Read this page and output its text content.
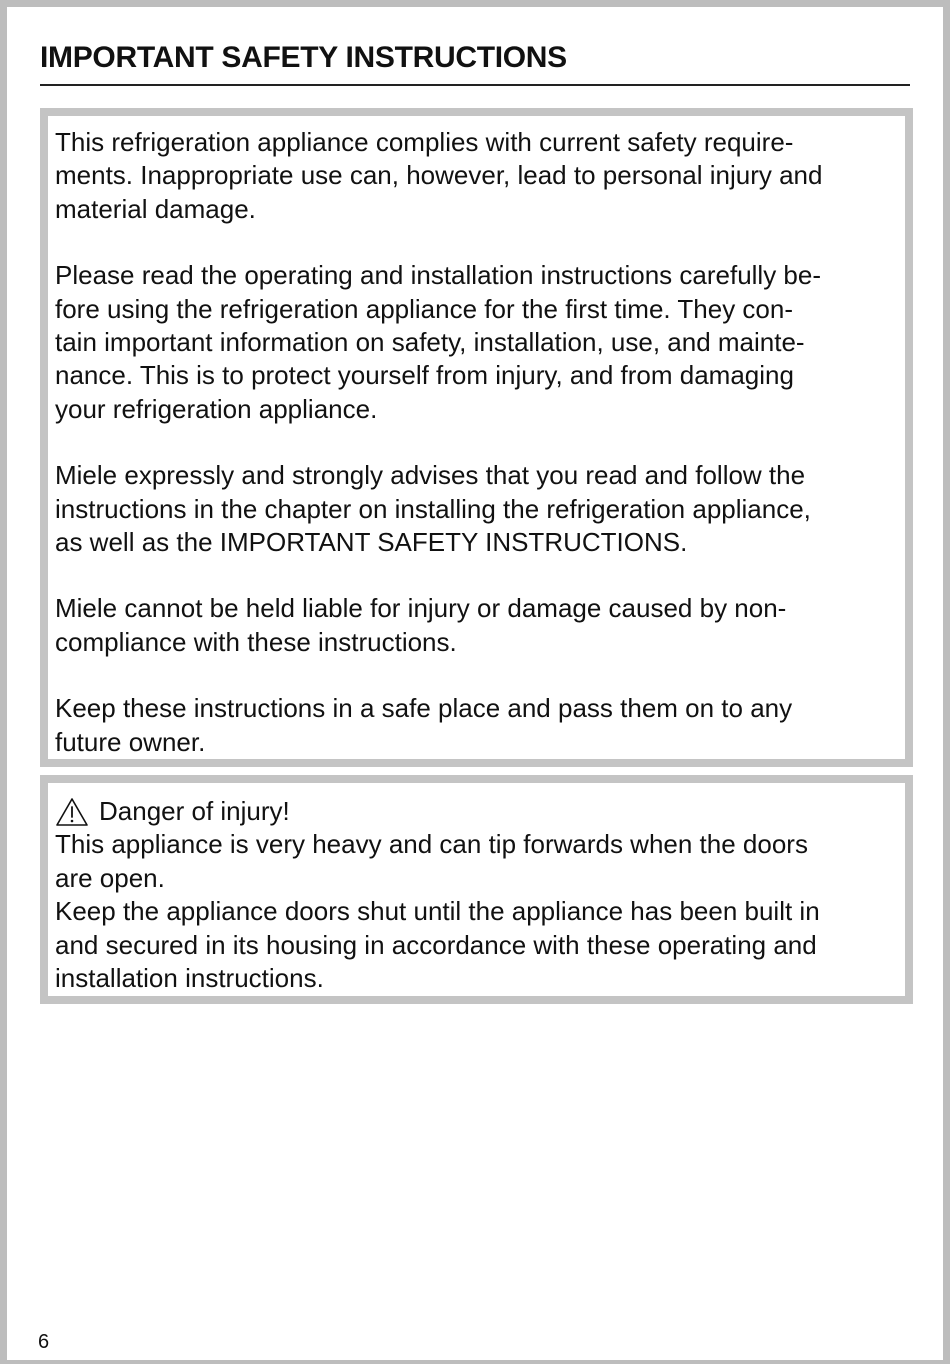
IMPORTANT SAFETY INSTRUCTIONS

This refrigeration appliance complies with current safety require-
ments. Inappropriate use can, however, lead to personal injury and
material damage.

Please read the operating and installation instructions carefully be-
fore using the refrigeration appliance for the first time. They con-
tain important information on safety, installation, use, and mainte-
nance. This is to protect yourself from injury, and from damaging
your refrigeration appliance.

Miele expressly and strongly advises that you read and follow the
instructions in the chapter on installing the refrigeration appliance,
as well as the IMPORTANT SAFETY INSTRUCTIONS.

Miele cannot be held liable for injury or damage caused by non-
compliance with these instructions.

Keep these instructions in a safe place and pass them on to any
future owner.

Danger of injury!
This appliance is very heavy and can tip forwards when the doors
are open.
Keep the appliance doors shut until the appliance has been built in
and secured in its housing in accordance with these operating and
installation instructions.
6
